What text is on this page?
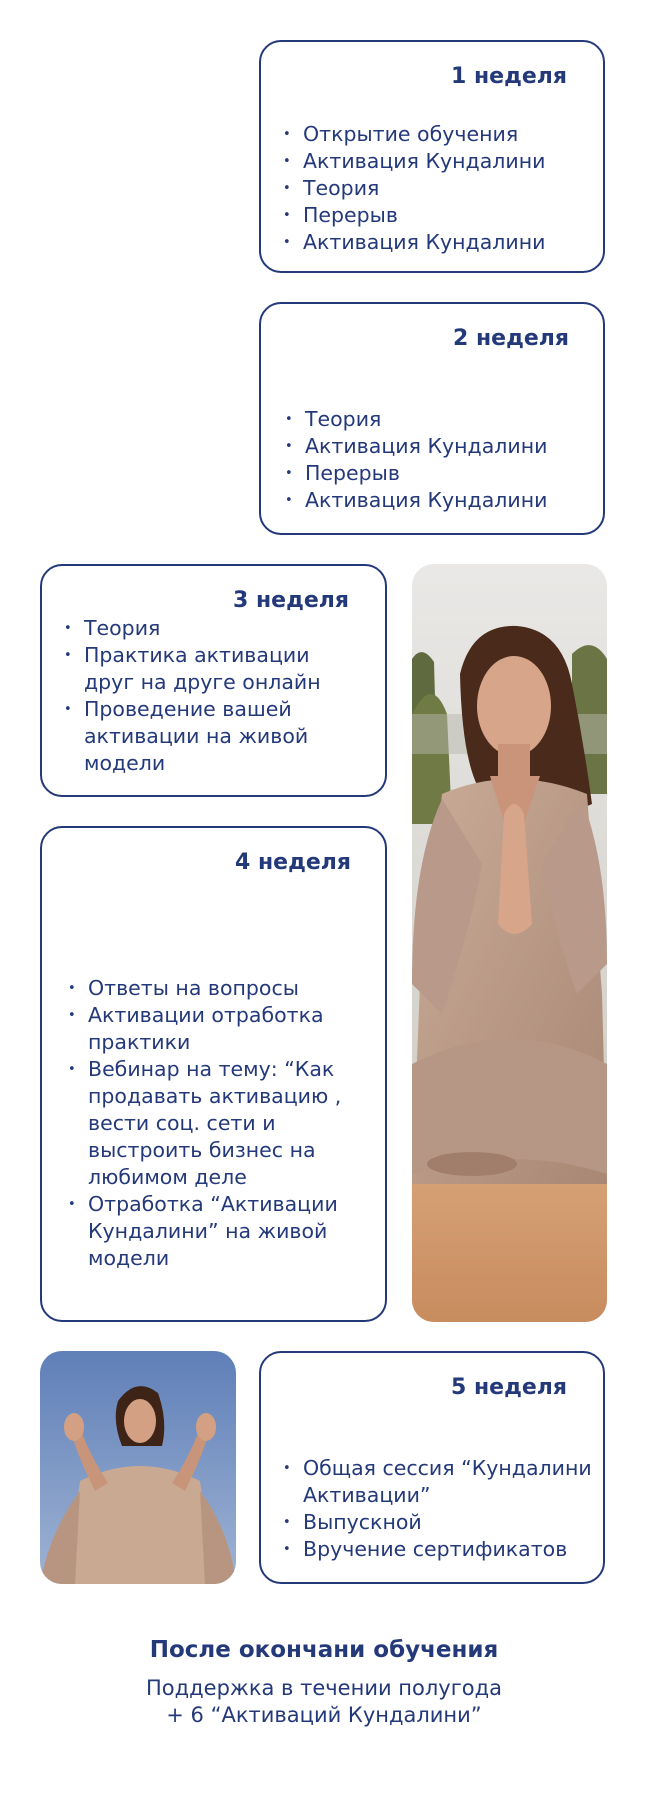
1 неделя
• Открытие обучения
• Активация Кундалини
• Теория
• Перерыв
• Активация Кундалини
2 неделя
• Теория
• Активация Кундалини
• Перерыв
• Активация Кундалини
3 неделя
• Теория
• Практика активации друг на друге онлайн
• Проведение вашей активации на живой модели
4 неделя
• Ответы на вопросы
• Активации отработка практики
• Вебинар на тему: “Как продавать активацию , вести соц. сети и выстроить бизнес на любимом деле
• Отработка “Активации Кундалини” на живой модели
5 неделя
• Общая сессия “Кундалини Активации”
• Выпускной
• Вручение сертификатов
После окончани обучения
Поддержка в течении полугода
+ 6 “Активаций Кундалини”
